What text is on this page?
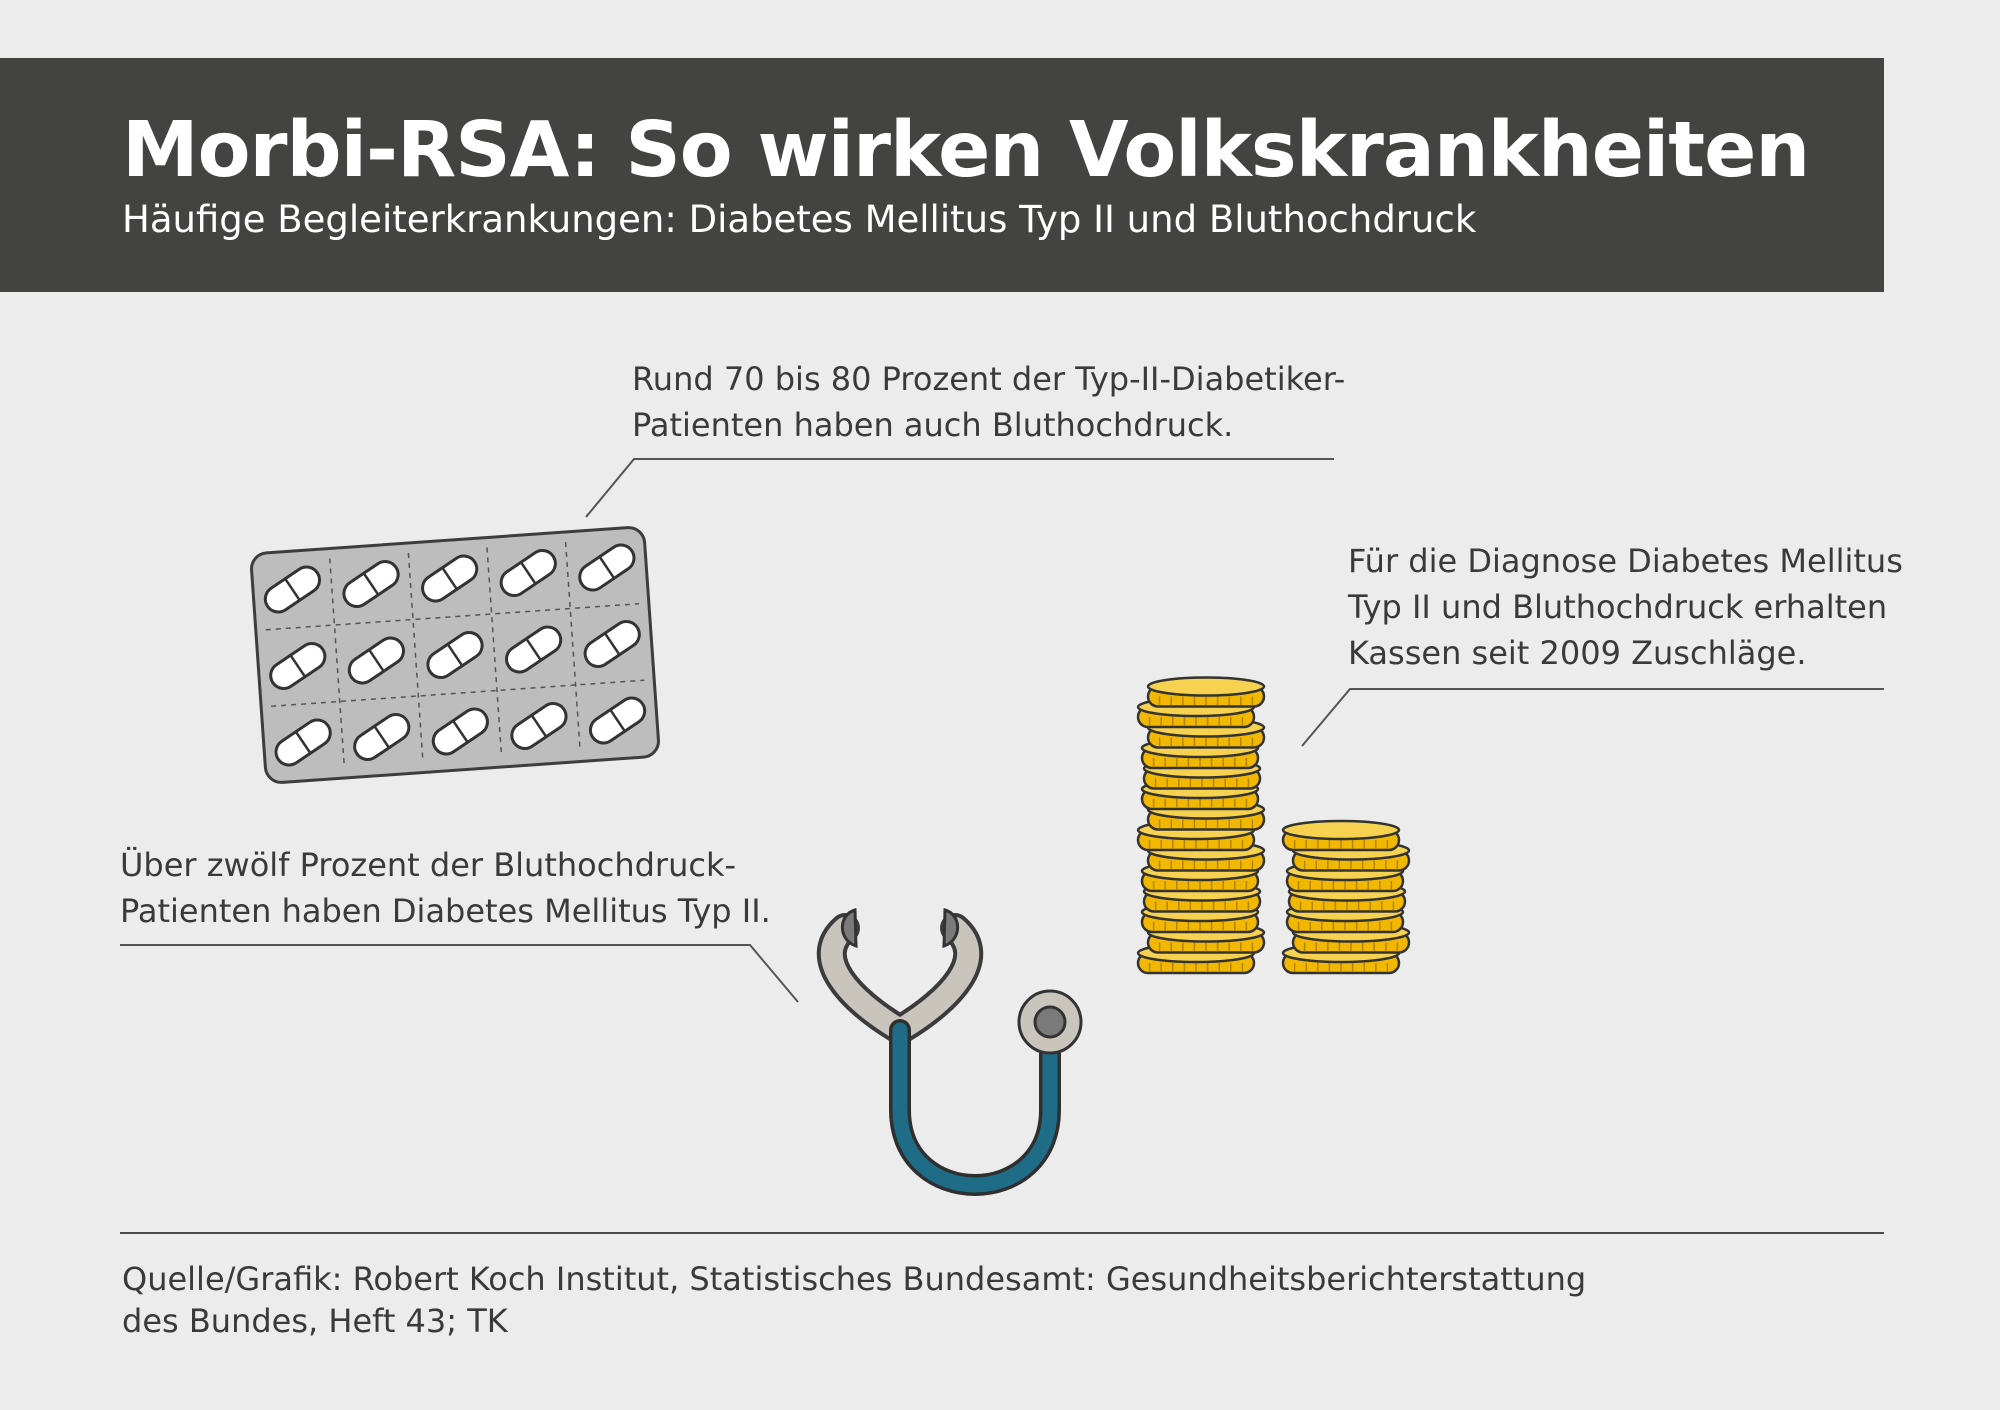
Morbi-RSA: So wirken Volkskrankheiten

Häufige Begleiterkrankungen: Diabetes Mellitus Typ II und Bluthochdruck

Rund 70 bis 80 Prozent der Typ-II-Diabetiker-
Patienten haben auch Bluthochdruck.
Für die Diagnose Diabetes Mellitus
Typ II und Bluthochdruck erhalten
Kassen seit 2009 Zuschläge.
Über zwölf Prozent der Bluthochdruck-
Patienten haben Diabetes Mellitus Typ II.
Quelle/Grafik: Robert Koch Institut, Statistisches Bundesamt: Gesundheitsberichterstattung
des Bundes, Heft 43; TK
